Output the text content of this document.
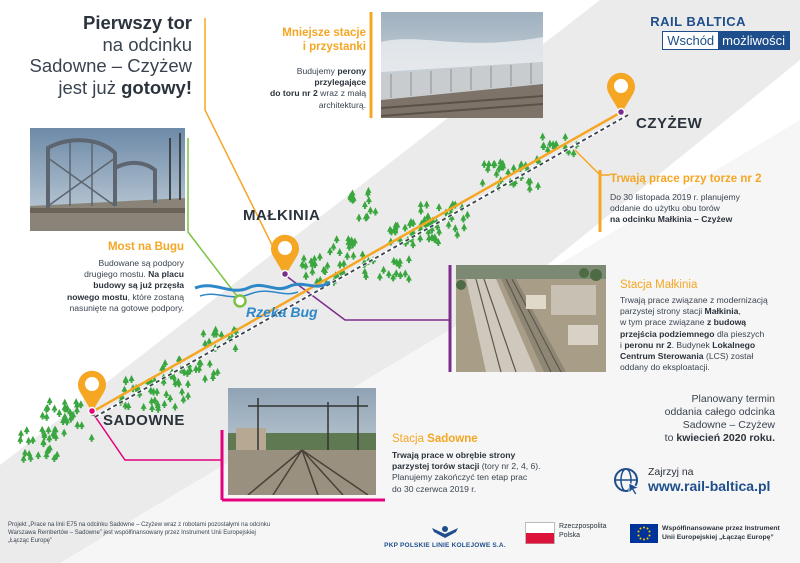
Rzeka Bug
CZYŻEW
MAŁKINIA
SADOWNE
Pierwszy tor
na odcinku
Sadowne – Czyżew
jest już gotowy!
RAIL BALTICA
Wschód możliwości
Mniejsze stacje
i przystanki
Budujemy perony
przylegające
do toru nr 2 wraz z małą
architekturą.
Most na Bugu
Budowane są podpory
drugiego mostu. Na placu
budowy są już przęsła
nowego mostu, które zostaną
nasunięte na gotowe podpory.
Trwają prace przy torze nr 2
Do 30 listopada 2019 r. planujemy
oddanie do użytku obu torów
na odcinku Małkinia – Czyżew
Stacja Małkinia
Trwają prace związane z modernizacją
parzystej strony stacji Małkinia,
w tym prace związane z budową
przejścia podziemnego dla pieszych
i peronu nr 2. Budynek Lokalnego
Centrum Sterowania (LCS) został
oddany do eksploatacji.
Stacja Sadowne
Trwają prace w obrębie strony
parzystej torów stacji (tory nr 2, 4, 6).
Planujemy zakończyć ten etap prac
do 30 czerwca 2019 r.
Planowany termin
oddania całego odcinka
Sadowne – Czyżew
to kwiecień 2020 roku.
Zajrzyj na
www.rail-baltica.pl
Projekt „Prace na linii E75 na odcinku Sadowne – Czyżew wraz z robotami pozostałymi na odcinku Warszawa Rembertów – Sadowne” jest współfinansowany przez Instrument Unii Europejskiej „Łącząc Europę”
PKP POLSKIE LINIE KOLEJOWE S.A.
Rzeczpospolita
Polska
Współfinansowane przez Instrument
Unii Europejskiej „Łącząc Europę”
